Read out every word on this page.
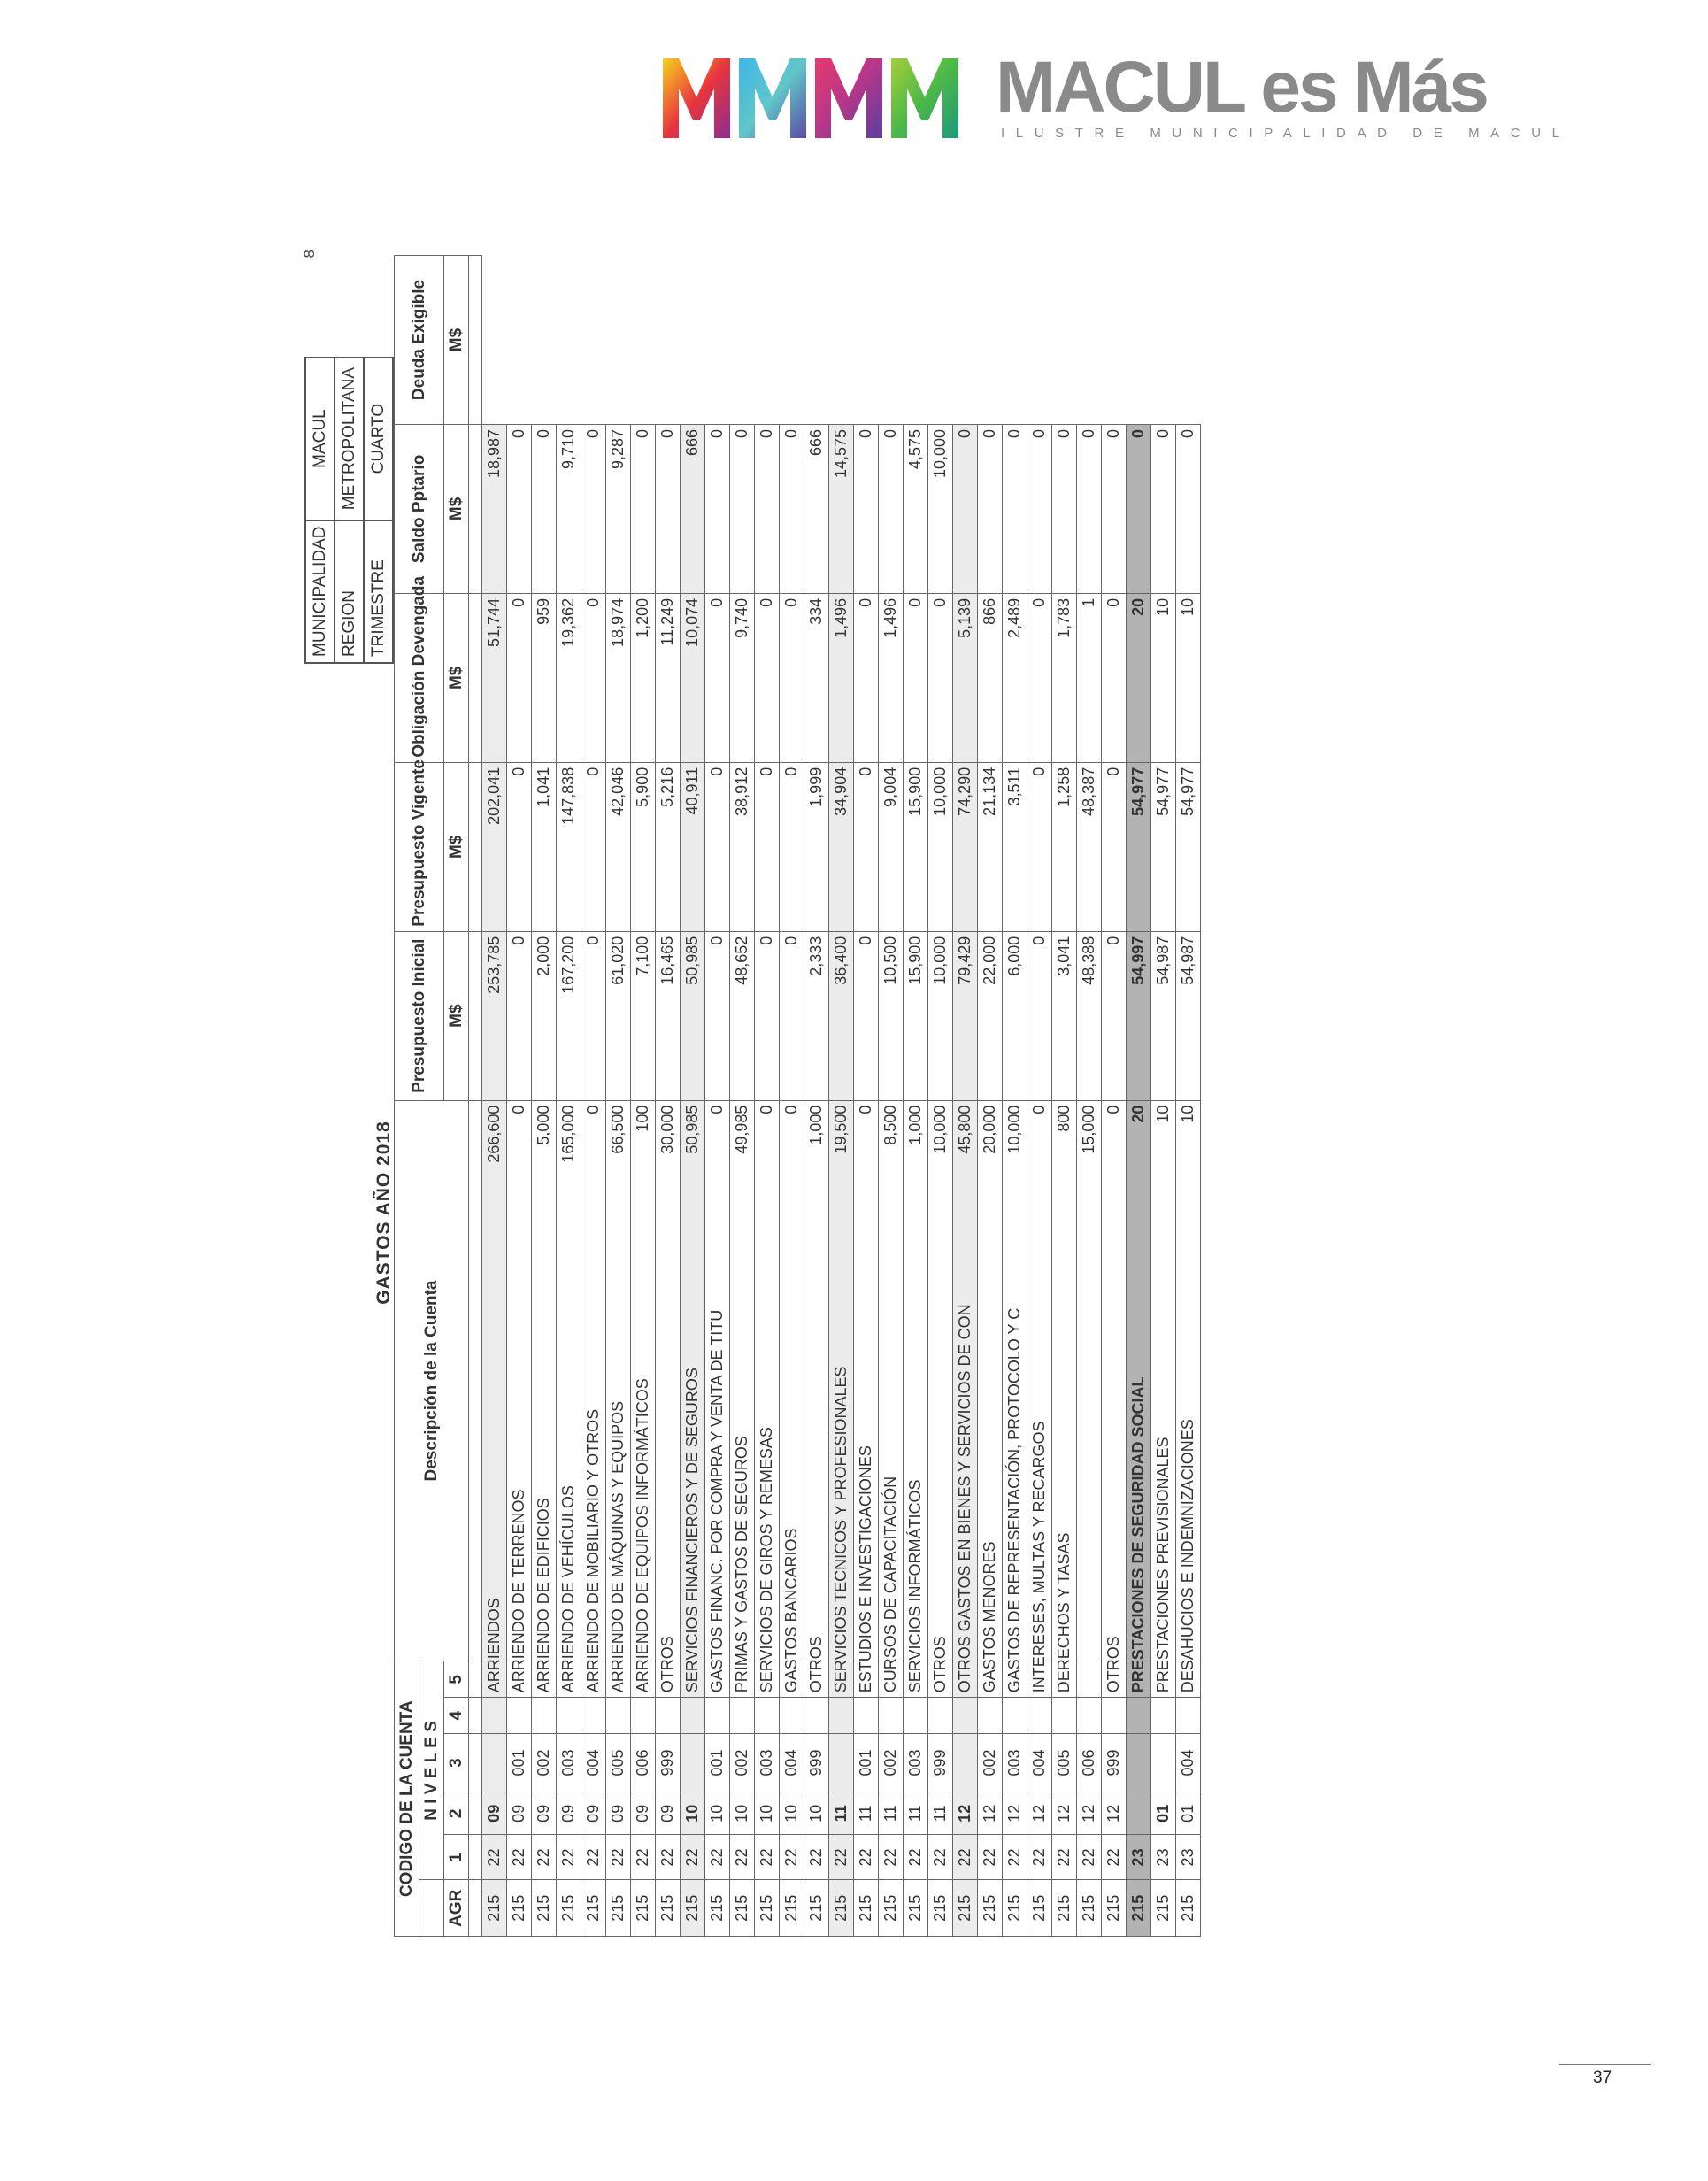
MACUL es Más
ILUSTRE MUNICIPALIDAD DE MACUL
8
GASTOS AÑO 2018
MUNICIPALIDAD	MACUL
REGION	METROPOLITANA
TRIMESTRE	CUARTO
CODIGO DE LA CUENTA						Descripción de la Cuenta	Presupuesto Inicial	Presupuesto Vigente	Obligación Devengada	Saldo Pptario	Deuda Exigible
	N I V E L E S										
AGR	1	2	3	4	5		M$	M$	M$	M$	M$

215	22	09				266,600	253,785	202,041	51,744	18,987	
215	22	09	001		ARRIENDO DE TERRENOS	0	0	0	0	0	
215	22	09	002		ARRIENDO DE EDIFICIOS	5,000	2,000	1,041	959	0	
215	22	09	003		ARRIENDO DE VEHÍCULOS	165,000	167,200	147,838	19,362	9,710	
215	22	09	004		ARRIENDO DE MOBILIARIO Y OTROS	0	0	0	0	0	
215	22	09	005		ARRIENDO DE MÁQUINAS Y EQUIPOS	66,500	61,020	42,046	18,974	9,287	
215	22	09	006		ARRIENDO DE EQUIPOS INFORMÁTICOS	100	7,100	5,900	1,200	0	
215	22	09	999		OTROS	30,000	16,465	5,216	11,249	0	
215	22	10				50,985	50,985	40,911	10,074	666	
215	22	10	001		GASTOS FINANC. POR COMPRA Y VENTA DE TITU	0	0	0	0	0	
215	22	10	002		PRIMAS Y GASTOS DE SEGUROS	49,985	48,652	38,912	9,740	0	
215	22	10	003		SERVICIOS DE GIROS Y REMESAS	0	0	0	0	0	
215	22	10	004		GASTOS BANCARIOS	0	0	0	0	0	
215	22	10	999		OTROS	1,000	2,333	1,999	334	666	
215	22	11				19,500	36,400	34,904	1,496	14,575	
215	22	11	001		ESTUDIOS E INVESTIGACIONES	0	0	0	0	0	
215	22	11	002		CURSOS DE CAPACITACIÓN	8,500	10,500	9,004	1,496	0	
215	22	11	003		SERVICIOS INFORMÁTICOS	1,000	15,900	15,900	0	4,575	
215	22	11	999		OTROS	10,000	10,000	10,000	0	10,000	
215	22	12				45,800	79,429	74,290	5,139	0	
215	22	12	002		GASTOS MENORES	20,000	22,000	21,134	866	0	
215	22	12	003		GASTOS DE REPRESENTACIÓN, PROTOCOLO Y C	10,000	6,000	3,511	2,489	0	
215	22	12	004		INTERESES, MULTAS Y RECARGOS	0	0	0	0	0	
215	22	12	005		DERECHOS Y TASAS	800	3,041	1,258	1,783	0	
215	22	12	006			15,000	48,388	48,387	1	0	
215	22	12	999		OTROS	0	0	0	0	0	
215	23					20	54,997	54,977	20	0	
215	23	01			PRESTACIONES PREVISIONALES	10	54,987	54,977	10	0	
215	23	01	004		DESAHUCIOS E INDEMNIZACIONES	10	54,987	54,977	10	0	
37
